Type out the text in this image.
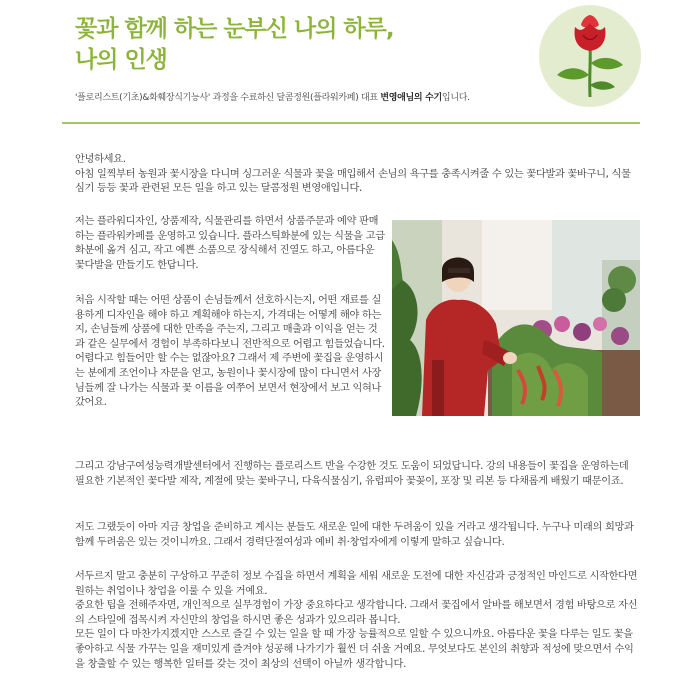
꽃과 함께 하는 눈부신 나의 하루,
나의 인생

'플로리스트(기초)&화훼장식기능사' 과정을 수료하신 달콤정원(플라워카페) 대표 변영애님의 수기입니다.

안녕하세요.

아침 일찍부터 농원과 꽃시장을 다니며 싱그러운 식물과 꽃을 매입해서 손님의 욕구를 충족시켜줄 수 있는 꽃다발과 꽃바구니, 식물심기 등등 꽃과 관련된 모든 일을 하고 있는 달콤정원 변영애입니다.

저는 플라워디자인, 상품제작, 식물관리를 하면서 상품주문과 예약 판매하는 플라워카페를 운영하고 있습니다. 플라스틱화분에 있는 식물을 고급화분에 옮겨 심고, 작고 예쁜 소품으로 장식해서 진열도 하고, 아름다운 꽃다발을 만들기도 한답니다.

처음 시작할 때는 어떤 상품이 손님들께서 선호하시는지, 어떤 재료를 실용하게 디자인을 해야 하고 계획해야 하는지, 가격대는 어떻게 해야 하는지, 손님들께 상품에 대한 만족을 주는지, 그리고 매출과 이익을 얻는 것과 같은 실무에서 경험이 부족하다보니 전반적으로 어렵고 힘들었습니다. 어렵다고 힘들어만 할 수는 없잖아요? 그래서 제 주변에 꽃집을 운영하시는 분에게 조언이나 자문을 얻고, 농원이나 꽃시장에 많이 다니면서 사장님들께 잘 나가는 식물과 꽃 이름을 여쭈어 보면서 현장에서 보고 익혀나갔어요.

그리고 강남구여성능력개발센터에서 진행하는 플로리스트 반을 수강한 것도 도움이 되었답니다. 강의 내용들이 꽃집을 운영하는데 필요한 기본적인 꽃다발 제작, 계절에 맞는 꽃바구니, 다육식물심기, 유럽피아 꽃꽂이, 포장 및 리본 등 다채롭게 배웠기 때문이죠.

저도 그랬듯이 아마 지금 창업을 준비하고 계시는 분들도 새로운 일에 대한 두려움이 있을 거라고 생각됩니다. 누구나 미래의 희망과 함께 두려움은 있는 것이니까요. 그래서 경력단절여성과 예비 취·창업자에게 이렇게 말하고 싶습니다.

서두르지 말고 충분히 구상하고 꾸준히 정보 수집을 하면서 계획을 세워 새로운 도전에 대한 자신감과 긍정적인 마인드로 시작한다면 원하는 취업이나 창업을 이룰 수 있을 거예요.

중요한 팁을 전해주자면, 개인적으로 실무경험이 가장 중요하다고 생각합니다. 그래서 꽃집에서 알바를 해보면서 경험 바탕으로 자신의 스타일에 접목시켜 자신만의 창업을 하시면 좋은 성과가 있으리라 봅니다.

모든 일이 다 마찬가지겠지만 스스로 즐길 수 있는 일을 할 때 가장 능률적으로 일할 수 있으니까요. 아름다운 꽃을 다루는 일도 꽃을 좋아하고 식물 가꾸는 일을 재미있게 즐겨야 성공해 나가기가 훨씬 더 쉬울 거예요. 무엇보다도 본인의 취향과 적성에 맞으면서 수익을 창출할 수 있는 행복한 일터를 갖는 것이 최상의 선택이 아닐까 생각합니다.
